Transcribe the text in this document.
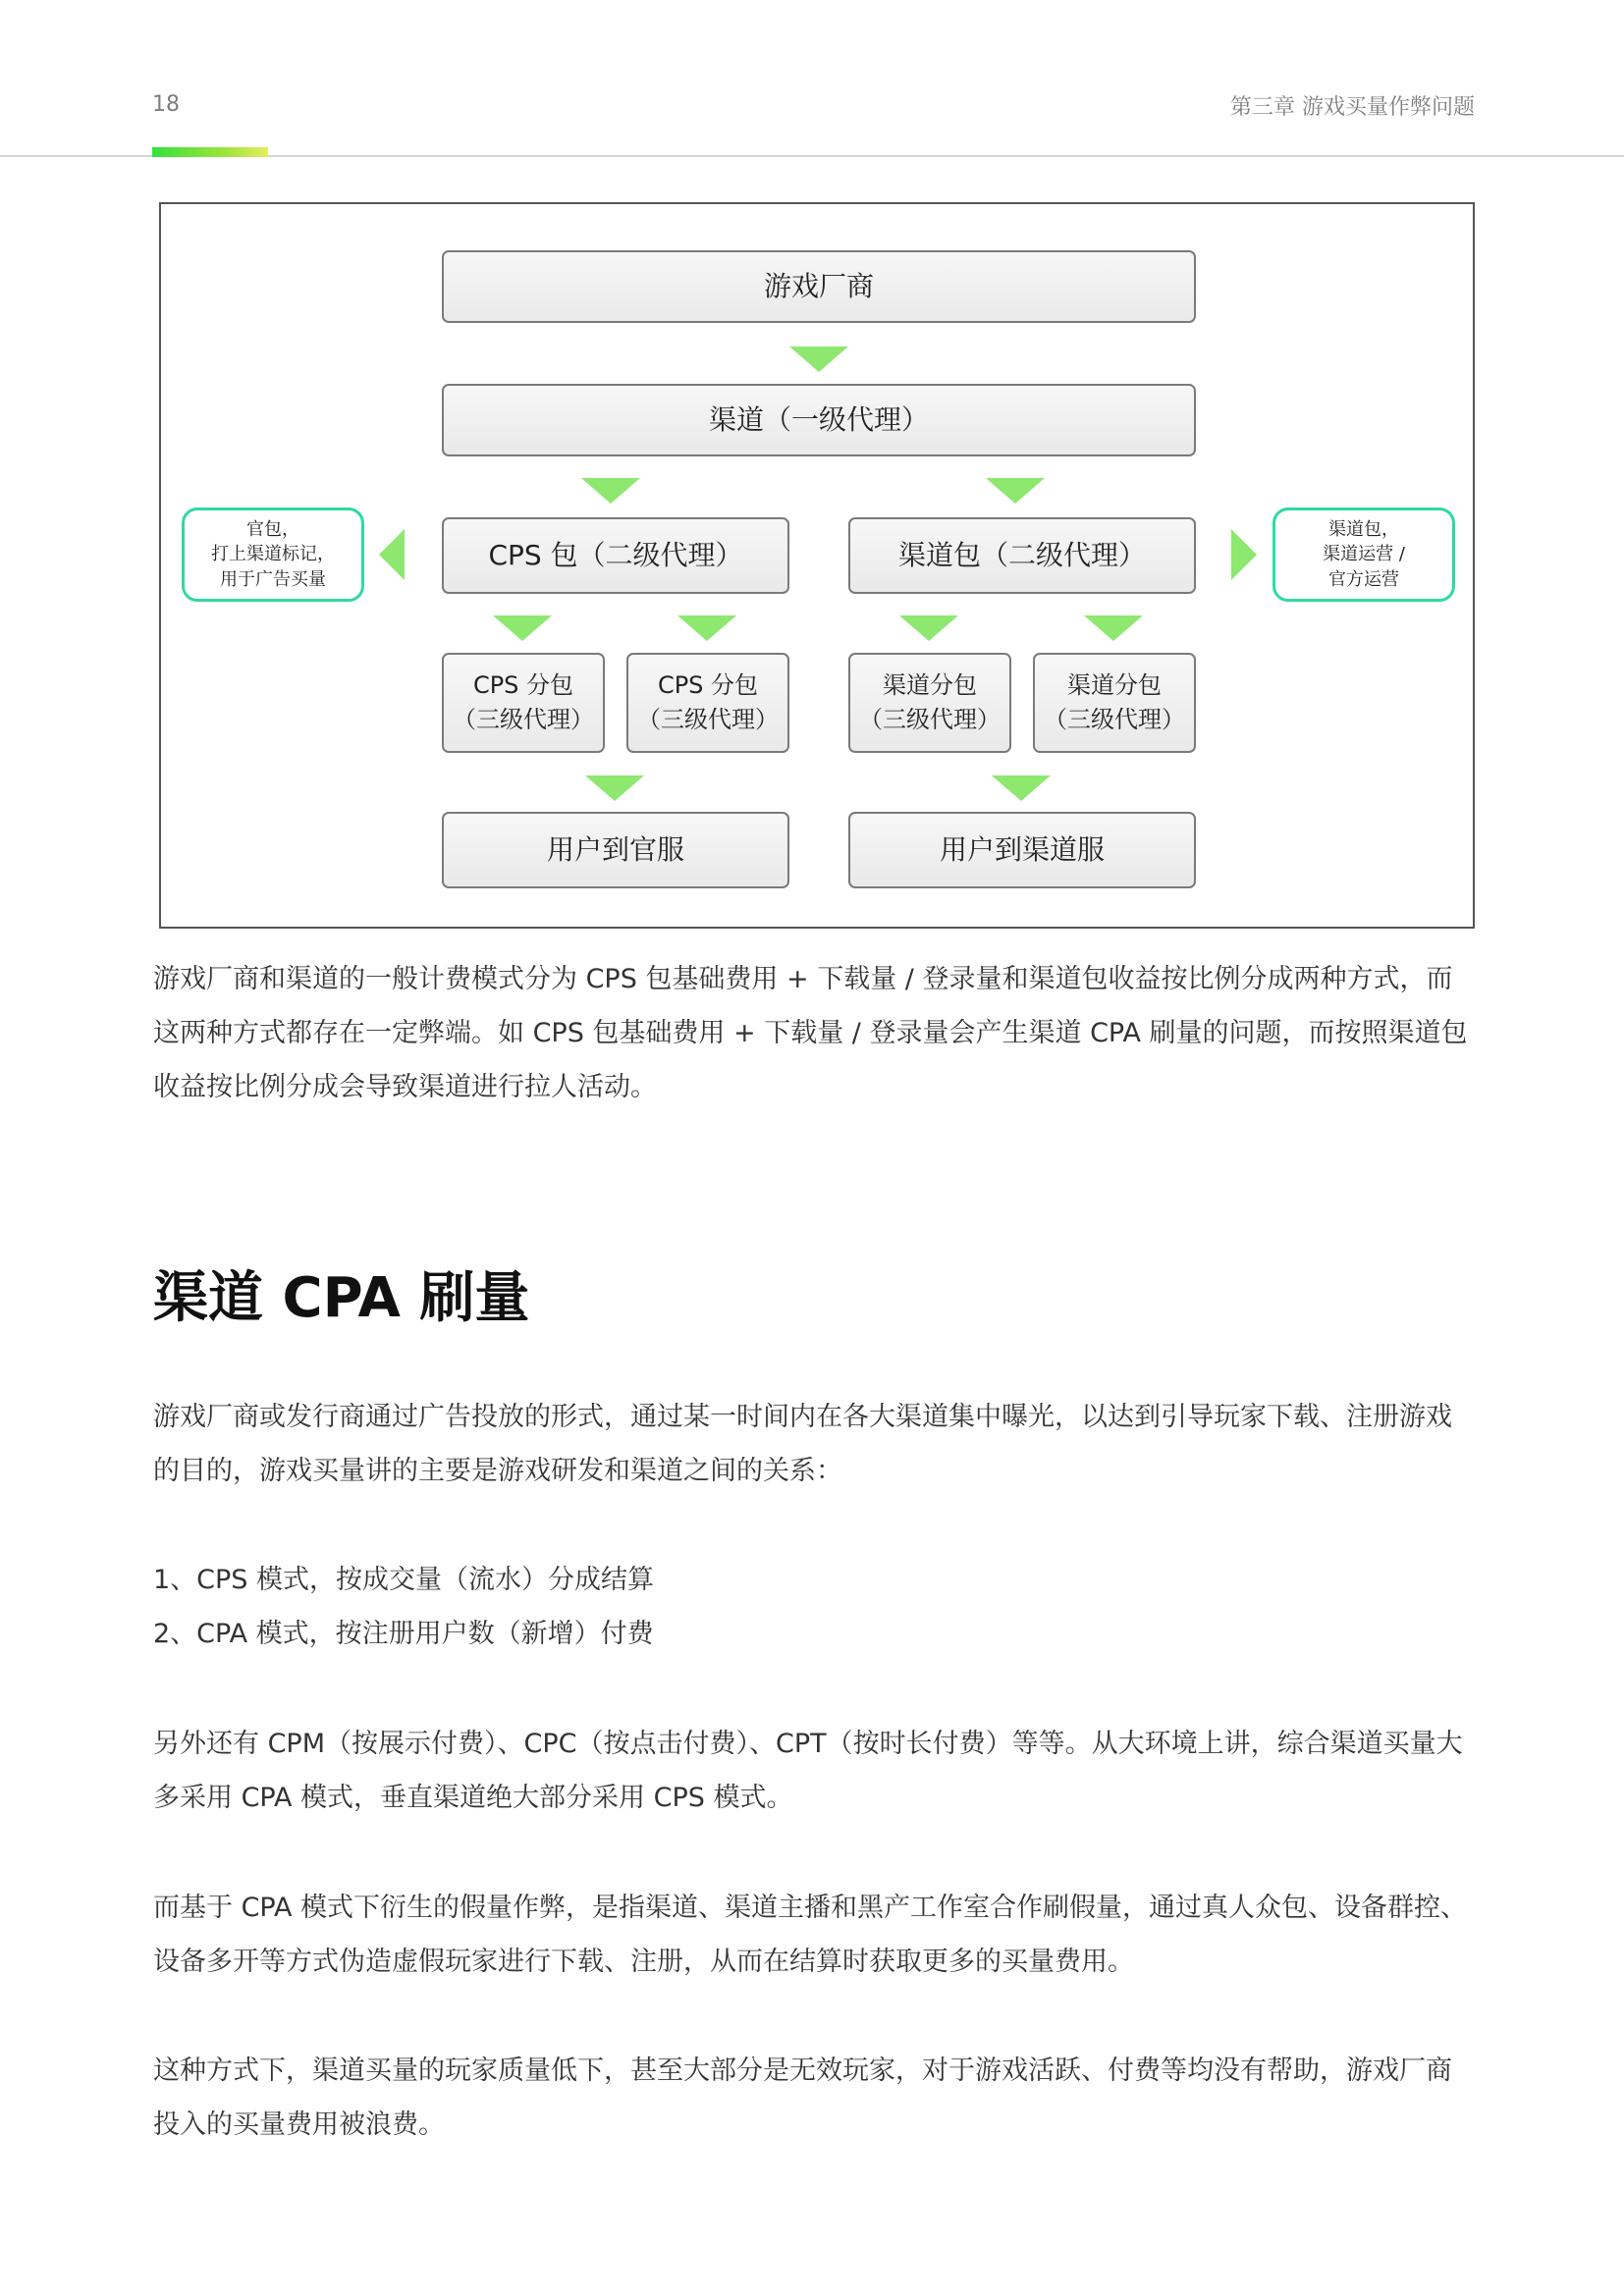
18	第三章 游戏买量作弊问题
游戏厂商
渠道（一级代理）
官包，
打上渠道标记，
用于广告买量
CPS 包（二级代理）	渠道包（二级代理）
渠道包，
渠道运营 /
官方运营
CPS 分包
（三级代理）
CPS 分包
（三级代理）
渠道分包
（三级代理）
渠道分包
（三级代理）
用户到官服	用户到渠道服
游戏厂商和渠道的一般计费模式分为 CPS 包基础费用 + 下载量 / 登录量和渠道包收益按比例分成两种方式，而这两种方式都存在一定弊端。如 CPS 包基础费用 + 下载量 / 登录量会产生渠道 CPA 刷量的问题，而按照渠道包收益按比例分成会导致渠道进行拉人活动。
渠道 CPA 刷量
游戏厂商或发行商通过广告投放的形式，通过某一时间内在各大渠道集中曝光，以达到引导玩家下载、注册游戏的目的，游戏买量讲的主要是游戏研发和渠道之间的关系：
1、CPS 模式，按成交量（流水）分成结算
2、CPA 模式，按注册用户数（新增）付费
另外还有 CPM（按展示付费）、CPC（按点击付费）、CPT（按时长付费）等等。从大环境上讲，综合渠道买量大多采用 CPA 模式，垂直渠道绝大部分采用 CPS 模式。
而基于 CPA 模式下衍生的假量作弊，是指渠道、渠道主播和黑产工作室合作刷假量，通过真人众包、设备群控、设备多开等方式伪造虚假玩家进行下载、注册，从而在结算时获取更多的买量费用。
这种方式下，渠道买量的玩家质量低下，甚至大部分是无效玩家，对于游戏活跃、付费等均没有帮助，游戏厂商投入的买量费用被浪费。
